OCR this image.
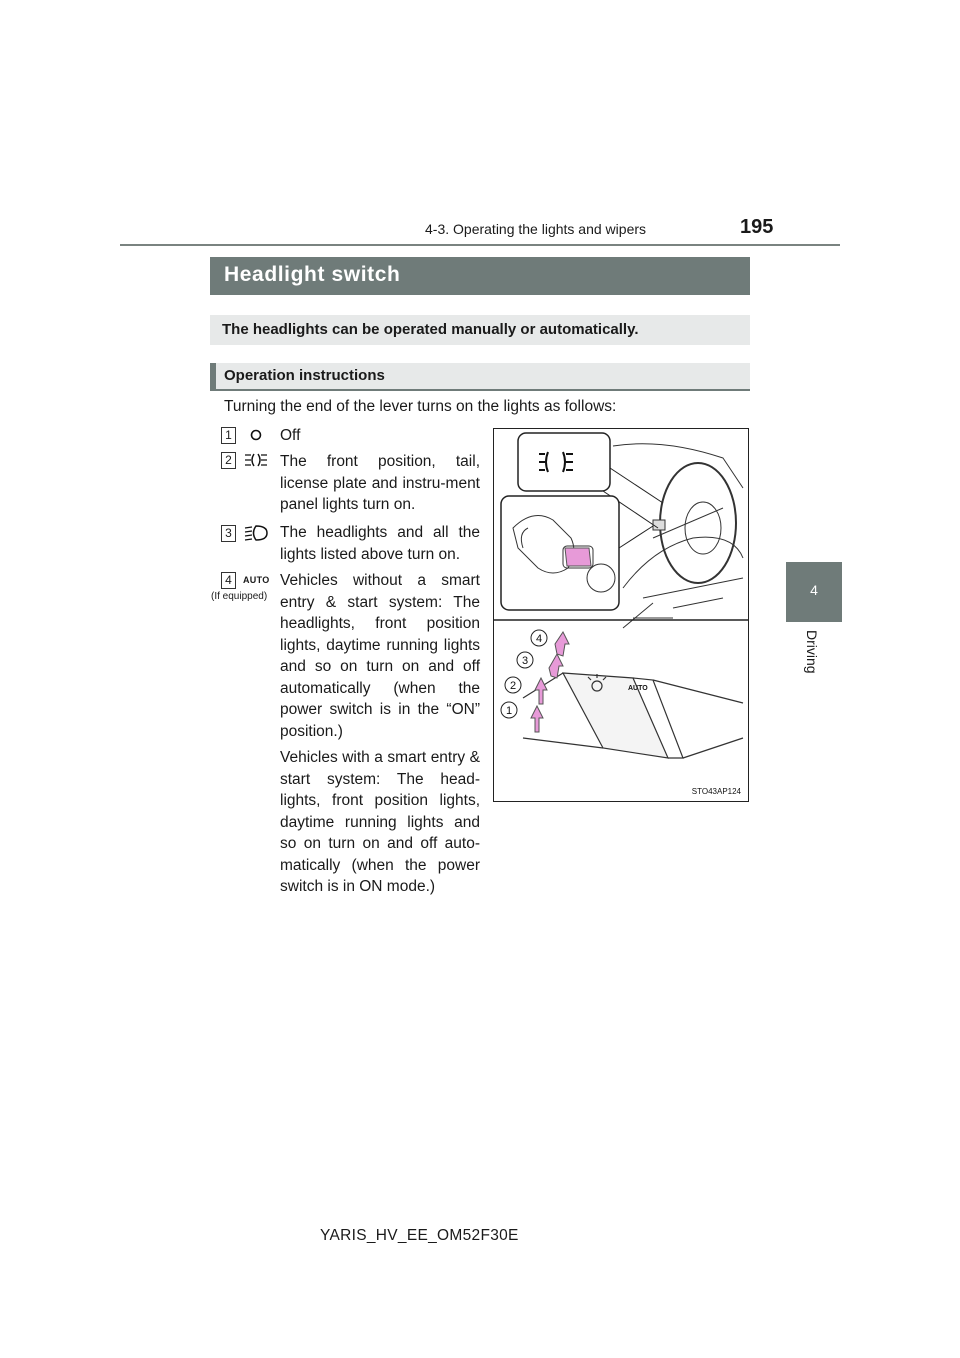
4-3. Operating the lights and wipers	195
Headlight switch
The headlights can be operated manually or automatically.
Operation instructions
Turning the end of the lever turns on the lights as follows:
1	Off
2	The front position, tail, license plate and instru-ment panel lights turn on.
3	The headlights and all the lights listed above turn on.
4	AUTO
(If equipped)
Vehicles without a smart entry & start system: The headlights, front position lights, daytime running lights and so on turn on and off automatically (when the power switch is in the “ON” position.)
Vehicles with a smart entry & start system: The head-lights, front position lights, daytime running lights and so on turn on and off auto-matically (when the power switch is in ON mode.)
AUTO
1
2
3
4
STO43AP124
4
Driving
YARIS_HV_EE_OM52F30E
